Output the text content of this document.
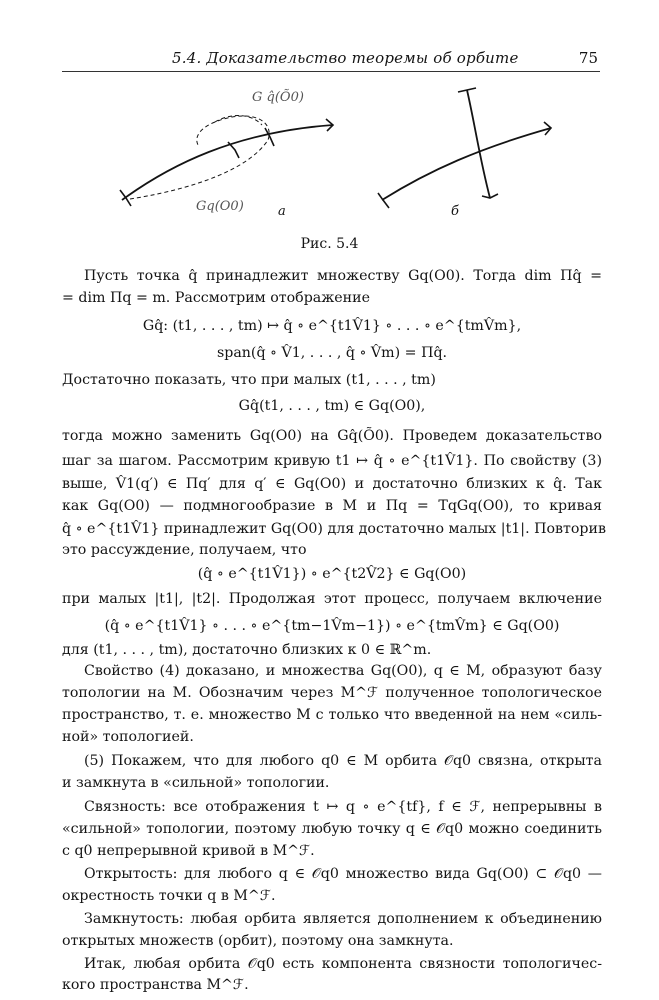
5.4. Доказательство теоремы об орбите	75
G q̂(Õ0)
Gq(O0)	а	б
Рис. 5.4
Пусть точка q̂ принадлежит множеству Gq(O0). Тогда dim Πq̂ =
= dim Πq = m. Рассмотрим отображение
Gq̂: (t1, . . . , tm) ↦ q̂ ∘ e^{t1V̂1} ∘ . . . ∘ e^{tmV̂m},
span(q̂ ∘ V̂1, . . . , q̂ ∘ V̂m) = Πq̂.
Достаточно показать, что при малых (t1, . . . , tm)
Gq̂(t1, . . . , tm) ∈ Gq(O0),
тогда можно заменить Gq(O0) на Gq̂(Õ0). Проведем доказательство
шаг за шагом. Рассмотрим кривую t1 ↦ q̂ ∘ e^{t1V̂1}. По свойству (3)
выше, V̂1(q′) ∈ Πq′ для q′ ∈ Gq(O0) и достаточно близких к q̂. Так
как Gq(O0) — подмногообразие в M и Πq = TqGq(O0), то кривая
q̂ ∘ e^{t1V̂1} принадлежит Gq(O0) для достаточно малых |t1|. Повторив
это рассуждение, получаем, что
(q̂ ∘ e^{t1V̂1}) ∘ e^{t2V̂2} ∈ Gq(O0)
при малых |t1|, |t2|. Продолжая этот процесс, получаем включение
(q̂ ∘ e^{t1V̂1} ∘ . . . ∘ e^{tm−1V̂m−1}) ∘ e^{tmV̂m} ∈ Gq(O0)
для (t1, . . . , tm), достаточно близких к 0 ∈ ℝ^m.
Свойство (4) доказано, и множества Gq(O0), q ∈ M, образуют базу
топологии на M. Обозначим через M^ℱ полученное топологическое
пространство, т. е. множество M с только что введенной на нем «силь-
ной» топологией.
(5) Покажем, что для любого q0 ∈ M орбита 𝒪q0 связна, открыта
и замкнута в «сильной» топологии.
Связность: все отображения t ↦ q ∘ e^{tf}, f ∈ ℱ, непрерывны в
«сильной» топологии, поэтому любую точку q ∈ 𝒪q0 можно соединить
с q0 непрерывной кривой в M^ℱ.
Открытость: для любого q ∈ 𝒪q0 множество вида Gq(O0) ⊂ 𝒪q0 —
окрестность точки q в M^ℱ.
Замкнутость: любая орбита является дополнением к объединению
открытых множеств (орбит), поэтому она замкнута.
Итак, любая орбита 𝒪q0 есть компонента связности топологичес-
кого пространства M^ℱ.
